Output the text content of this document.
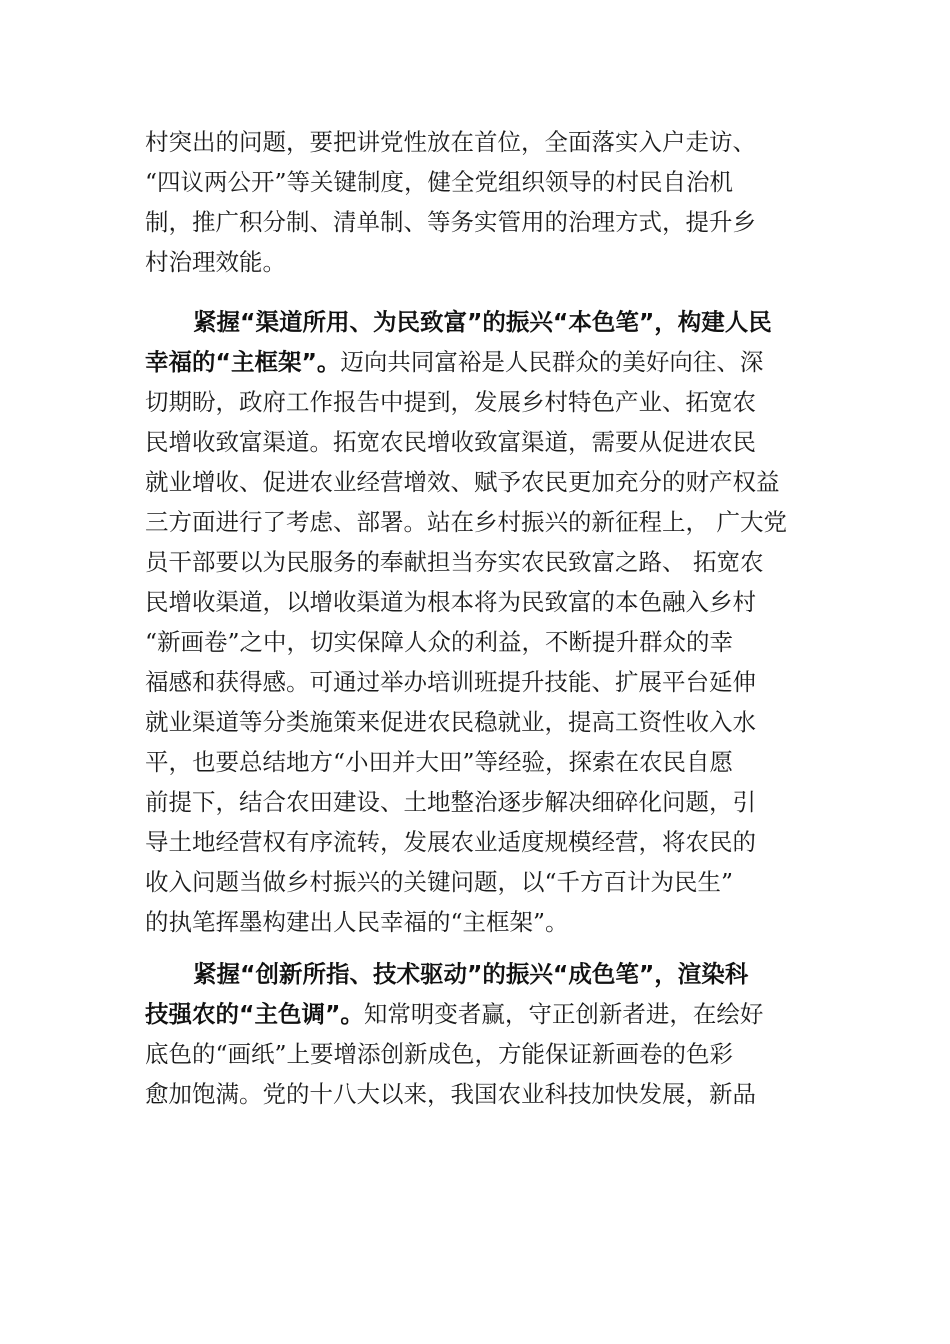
村突出的问题，要把讲党性放在首位，全面落实入户走访、
“四议两公开”等关键制度，健全党组织领导的村民自治机
制，推广积分制、清单制、等务实管用的治理方式，提升乡
村治理效能。
紧握“渠道所用、为民致富”的振兴“本色笔”，构建人民
幸福的“主框架”。迈向共同富裕是人民群众的美好向往、深
切期盼，政府工作报告中提到，发展乡村特色产业、拓宽农
民增收致富渠道。拓宽农民增收致富渠道，需要从促进农民
就业增收、促进农业经营增效、赋予农民更加充分的财产权益
三方面进行了考虑、部署。站在乡村振兴的新征程上， 广大党
员干部要以为民服务的奉献担当夯实农民致富之路、 拓宽农
民增收渠道，以增收渠道为根本将为民致富的本色融入乡村
“新画卷”之中，切实保障人众的利益，不断提升群众的幸
福感和获得感。可通过举办培训班提升技能、扩展平台延伸
就业渠道等分类施策来促进农民稳就业，提高工资性收入水
平，也要总结地方“小田并大田”等经验，探索在农民自愿
前提下，结合农田建设、土地整治逐步解决细碎化问题，引
导土地经营权有序流转，发展农业适度规模经营，将农民的
收入问题当做乡村振兴的关键问题，以“千方百计为民生”
的执笔挥墨构建出人民幸福的“主框架”。
紧握“创新所指、技术驱动”的振兴“成色笔”，渲染科
技强农的“主色调”。知常明变者赢，守正创新者进，在绘好
底色的“画纸”上要增添创新成色，方能保证新画卷的色彩
愈加饱满。党的十八大以来，我国农业科技加快发展，新品
